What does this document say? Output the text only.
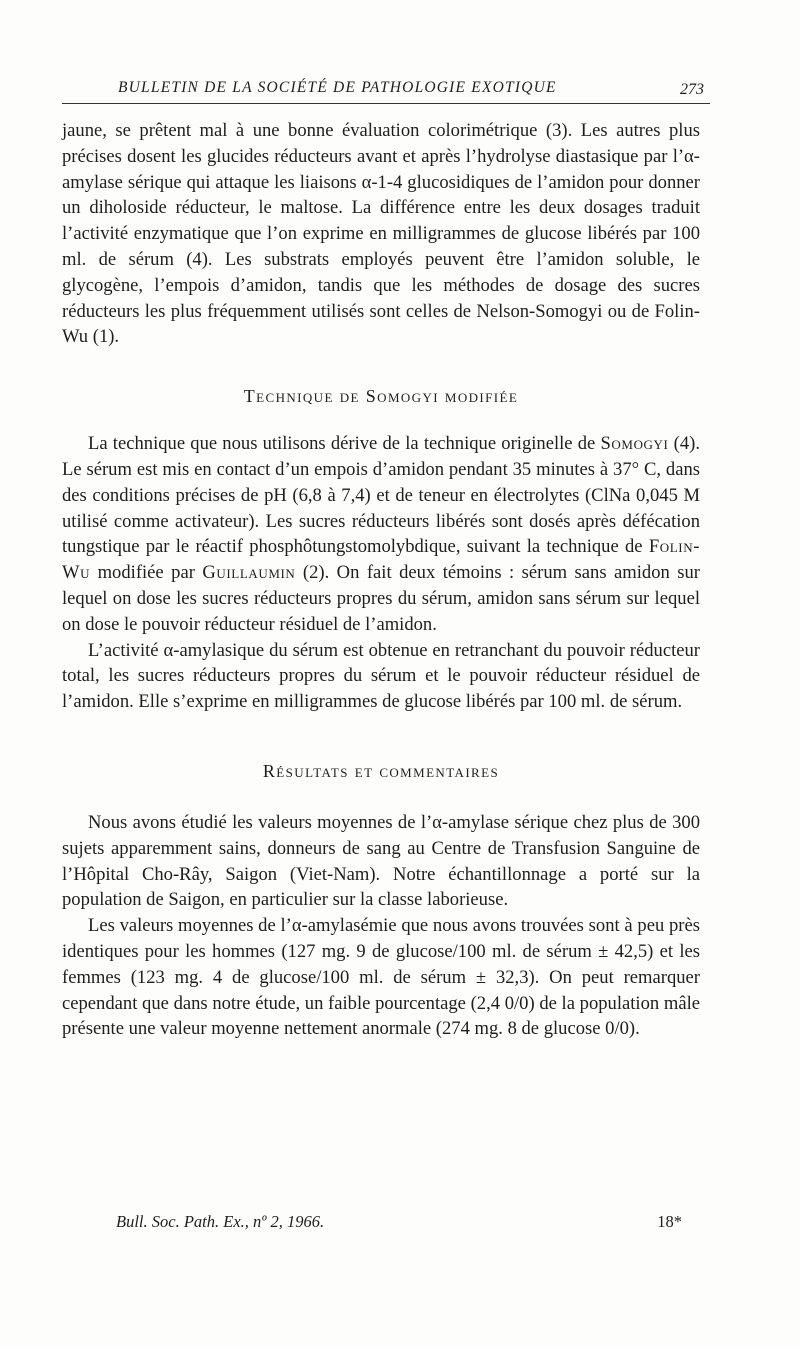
BULLETIN DE LA SOCIÉTÉ DE PATHOLOGIE EXOTIQUE	273

jaune, se prêtent mal à une bonne évaluation colorimétrique (3). Les autres plus précises dosent les glucides réducteurs avant et après l’hydrolyse diastasique par l’α-amylase sérique qui attaque les liaisons α-1-4 glucosidiques de l’amidon pour donner un diholoside réducteur, le maltose. La différence entre les deux dosages traduit l’activité enzymatique que l’on exprime en milligrammes de glucose libérés par 100 ml. de sérum (4). Les substrats employés peuvent être l’amidon soluble, le glycogène, l’empois d’amidon, tandis que les méthodes de dosage des sucres réducteurs les plus fréquemment utilisés sont celles de Nelson-Somogyi ou de Folin-Wu (1).

Technique de Somogyi modifiée

La technique que nous utilisons dérive de la technique originelle de Somogyi (4). Le sérum est mis en contact d’un empois d’amidon pendant 35 minutes à 37° C, dans des conditions précises de pH (6,8 à 7,4) et de teneur en électrolytes (ClNa 0,045 M utilisé comme activateur). Les sucres réducteurs libérés sont dosés après défécation tungstique par le réactif phosphôtungstomolybdique, suivant la technique de Folin-Wu modifiée par Guillaumin (2). On fait deux témoins : sérum sans amidon sur lequel on dose les sucres réducteurs propres du sérum, amidon sans sérum sur lequel on dose le pouvoir réducteur résiduel de l’amidon.

L’activité α-amylasique du sérum est obtenue en retranchant du pouvoir réducteur total, les sucres réducteurs propres du sérum et le pouvoir réducteur résiduel de l’amidon. Elle s’exprime en milligrammes de glucose libérés par 100 ml. de sérum.

Résultats et commentaires

Nous avons étudié les valeurs moyennes de l’α-amylase sérique chez plus de 300 sujets apparemment sains, donneurs de sang au Centre de Transfusion Sanguine de l’Hôpital Cho-Rây, Saigon (Viet-Nam). Notre échantillonnage a porté sur la population de Saigon, en particulier sur la classe laborieuse.

Les valeurs moyennes de l’α-amylasémie que nous avons trouvées sont à peu près identiques pour les hommes (127 mg. 9 de glucose/100 ml. de sérum ± 42,5) et les femmes (123 mg. 4 de glucose/100 ml. de sérum ± 32,3). On peut remarquer cependant que dans notre étude, un faible pourcentage (2,4 0/0) de la population mâle présente une valeur moyenne nettement anormale (274 mg. 8 de glucose 0/0).

Bull. Soc. Path. Ex., nº 2, 1966.	18*
